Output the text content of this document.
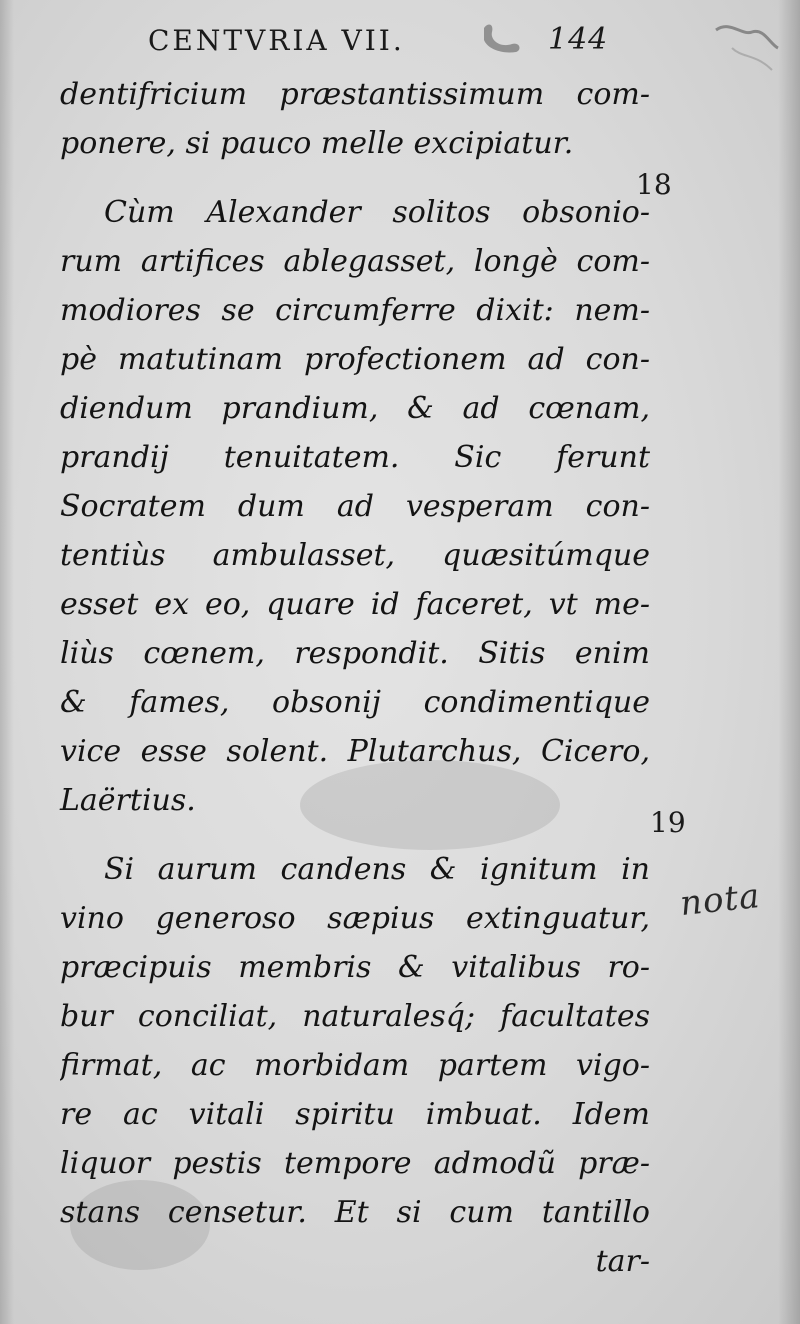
CENTVRIA VII.	144
dentifricium præstantissimum com-
ponere, si pauco melle excipiatur.
Cùm Alexander solitos obsonio-
rum artifices ablegasset, longè com-
modiores se circumferre dixit: nem-
pè matutinam profectionem ad con-
diendum prandium, & ad cœnam,
prandij tenuitatem. Sic ferunt
Socratem dum ad vesperam con-
tentiùs ambulasset, quæsitúmque
esset ex eo, quare id faceret, vt me-
liùs cœnem, respondit. Sitis enim
& fames, obsonij condimentique
vice esse solent. Plutarchus, Cicero,
Laërtius.
Si aurum candens & ignitum in
vino generoso sæpius extinguatur,
præcipuis membris & vitalibus ro-
bur conciliat, naturalesq́; facultates
firmat, ac morbidam partem vigo-
re ac vitali spiritu imbuat. Idem
liquor pestis tempore admodũ præ-
stans censetur. Et si cum tantillo
tar-
18
19
nota
